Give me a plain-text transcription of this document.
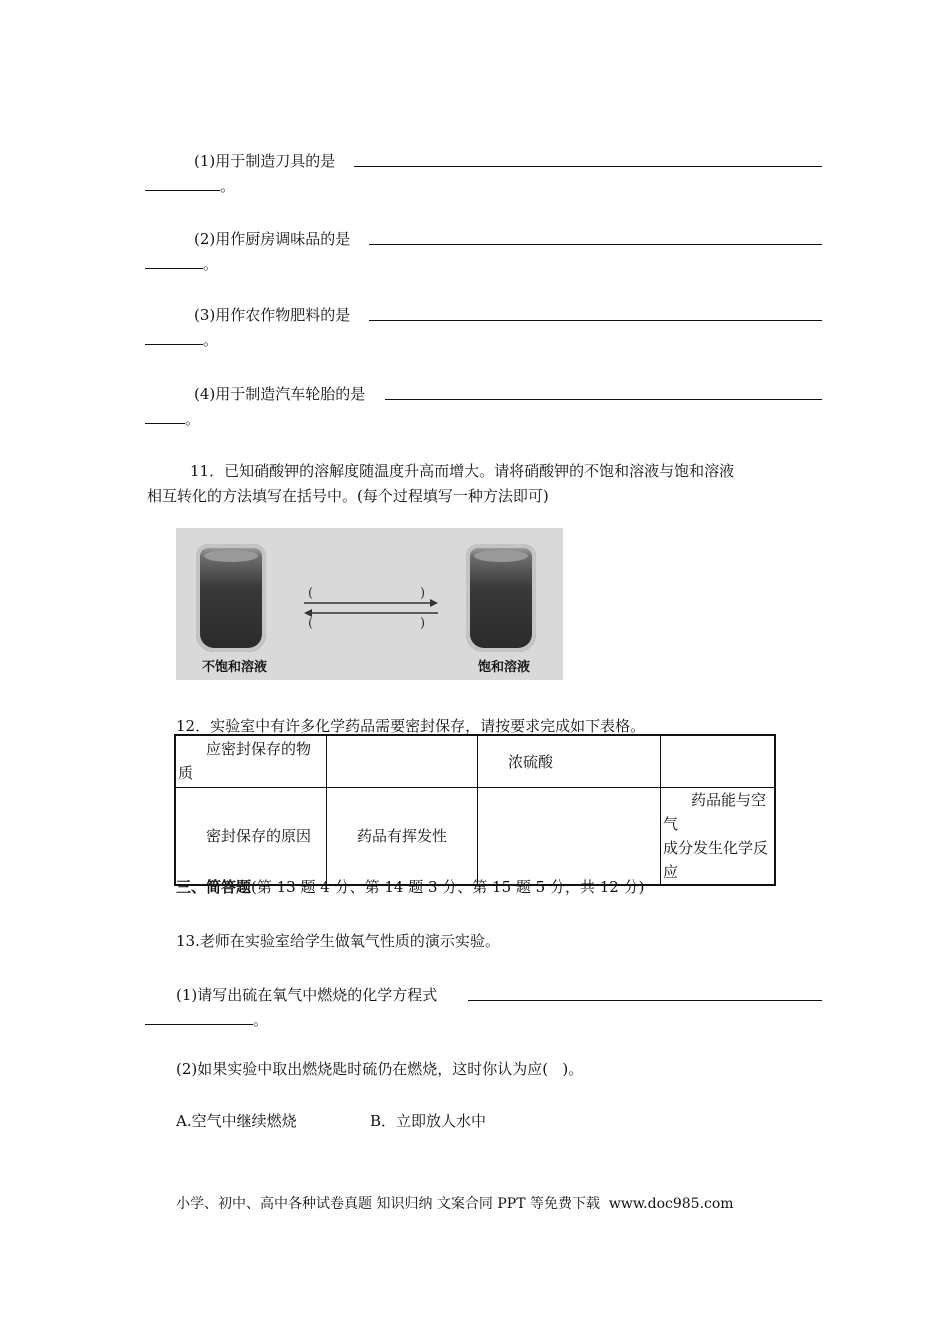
(1)用于制造刀具的是
。
(2)用作厨房调味品的是
。
(3)用作农作物肥料的是
。
(4)用于制造汽车轮胎的是
。
11．已知硝酸钾的溶解度随温度升高而增大。请将硝酸钾的不饱和溶液与饱和溶液
相互转化的方法填写在括号中。(每个过程填写一种方法即可)
不饱和溶液
(	)
(	)
饱和溶液
12．实验室中有许多化学药品需要密封保存，请按要求完成如下表格。
应密封保存的物
质		浓硫酸	
密封保存的原因	药品有挥发性		药品能与空气
成分发生化学反应
三、简答题(第 13 题 4 分、第 14 题 3 分、第 15 题 5 分，共 12 分)
13.老师在实验室给学生做氧气性质的演示实验。
(1)请写出硫在氧气中燃烧的化学方程式
。
(2)如果实验中取出燃烧匙时硫仍在燃烧，这时你认为应(   )。
A.空气中继续燃烧	B．立即放人水中
小学、初中、高中各种试卷真题 知识归纳 文案合同 PPT 等免费下载 www.doc985.com
